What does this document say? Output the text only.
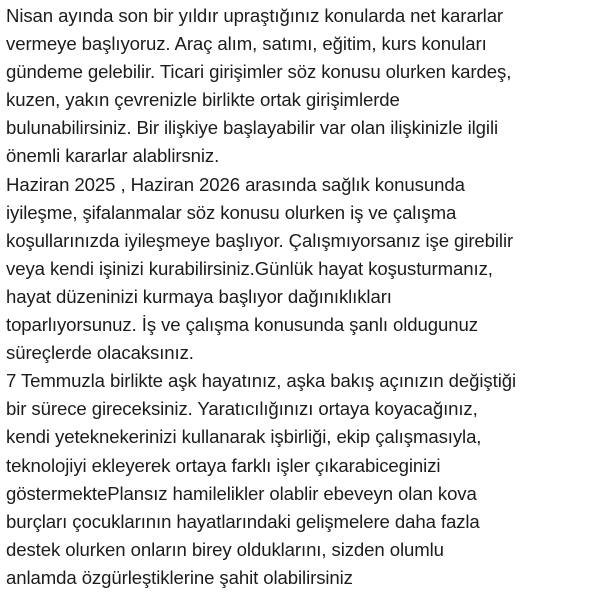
Nisan ayında son bir yıldır upraştığınız konularda net kararlar
vermeye başlıyoruz. Araç alım, satımı, eğitim, kurs konuları
gündeme gelebilir. Ticari girişimler söz konusu olurken kardeş,
kuzen, yakın çevrenizle birlikte ortak girişimlerde
bulunabilirsiniz. Bir ilişkiye başlayabilir var olan ilişkinizle ilgili
önemli kararlar alablirsniz.
Haziran 2025 , Haziran 2026 arasında sağlık konusunda
iyileşme, şifalanmalar söz konusu olurken iş ve çalışma
koşullarınızda iyileşmeye başlıyor. Çalışmıyorsanız işe girebilir
veya kendi işinizi kurabilirsiniz.Günlük hayat koşusturmanız,
hayat düzeninizi kurmaya başlıyor dağınıklıkları
toparlıyorsunuz. İş ve çalışma konusunda şanlı oldugunuz
süreçlerde olacaksınız.
7 Temmuzla birlikte aşk hayatınız, aşka bakış açınızın değiştiği
bir sürece gireceksiniz. Yaratıcılığınızı ortaya koyacağınız,
kendi yeteknekerinizi kullanarak işbirliği, ekip çalışmasıyla,
teknolojiyi ekleyerek ortaya farklı işler çıkarabiceginizi
göstermektePlansız hamilelikler olablir ebeveyn olan kova
burçları çocuklarının hayatlarındaki gelişmelere daha fazla
destek olurken onların birey olduklarını, sizden olumlu
anlamda özgürleştiklerine şahit olabilirsiniz
